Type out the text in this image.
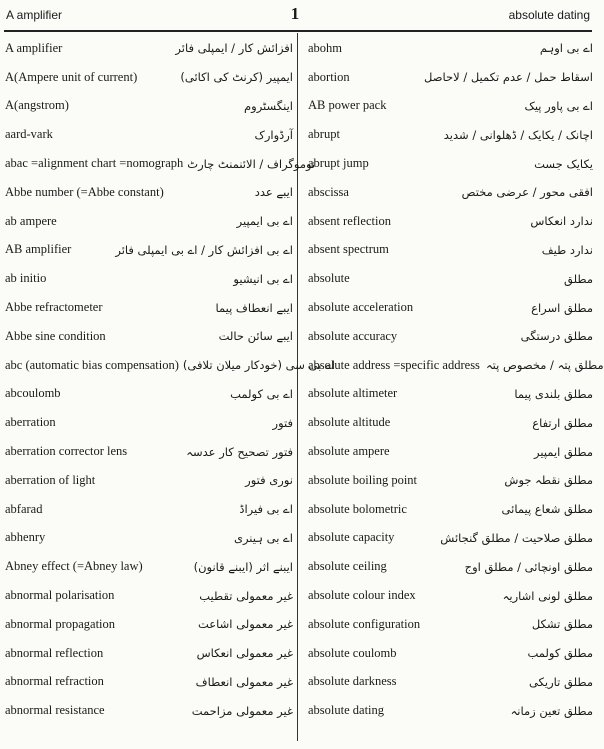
A amplifier	1	absolute dating
A amplifier	افزائش کار / ایمپلی فائر
A(Ampere unit of current)	ایمپیر (کرنٹ کی اکائی)
A(angstrom)	اینگسٹروم
aard-vark	آرڈوارک
abac =alignment chart =nomograph نوموگراف / الائنمنٹ چارٹ
Abbe number (=Abbe constant)	ایبے عدد
ab ampere	اے بی ایمپیر
AB amplifier	اے بی افزائش کار / اے بی ایمپلی فائر
ab initio	اے بی انیشیو
Abbe refractometer	ایبے انعطاف پیما
Abbe sine condition	ایبے سائن حالت
abc (automatic bias compensation) اے بی سی (خودکار میلان تلافی)
abcoulomb	اے بی کولمب
aberration	فتور
aberration corrector lens	فتور تصحیح کار عدسہ
aberration of light	نوری فتور
abfarad	اے بی فیراڈ
abhenry	اے بی ہینری
Abney effect (=Abney law)	ایبنے اثر (ایبنے قانون)
abnormal polarisation	غیر معمولی تقطیب
abnormal propagation	غیر معمولی اشاعت
abnormal reflection	غیر معمولی انعکاس
abnormal refraction	غیر معمولی انعطاف
abnormal resistance	غیر معمولی مزاحمت
abohm	اے بی اوہم
abortion	اسقاط حمل / عدم تکمیل / لاحاصل
AB power pack	اے بی پاور پیک
abrupt	اچانک / یکایک / ڈھلوانی / شدید
abrupt jump	یکایک جست
abscissa	افقی محور / عرضی مختص
absent reflection	ندارد انعکاس
absent spectrum	ندارد طیف
absolute	مطلق
absolute acceleration	مطلق اسراع
absolute accuracy	مطلق درستگی
absolute address =specific address مطلق پتہ / مخصوص پتہ
absolute altimeter	مطلق بلندی پیما
absolute altitude	مطلق ارتفاع
absolute ampere	مطلق ایمپیر
absolute boiling point	مطلق نقطہ جوش
absolute bolometric	مطلق شعاع پیمائی
absolute capacity	مطلق صلاحیت / مطلق گنجائش
absolute ceiling	مطلق اونچائی / مطلق اوج
absolute colour index	مطلق لونی اشاریہ
absolute configuration	مطلق تشکل
absolute coulomb	مطلق کولمب
absolute darkness	مطلق تاریکی
absolute dating	مطلق تعین زمانہ
